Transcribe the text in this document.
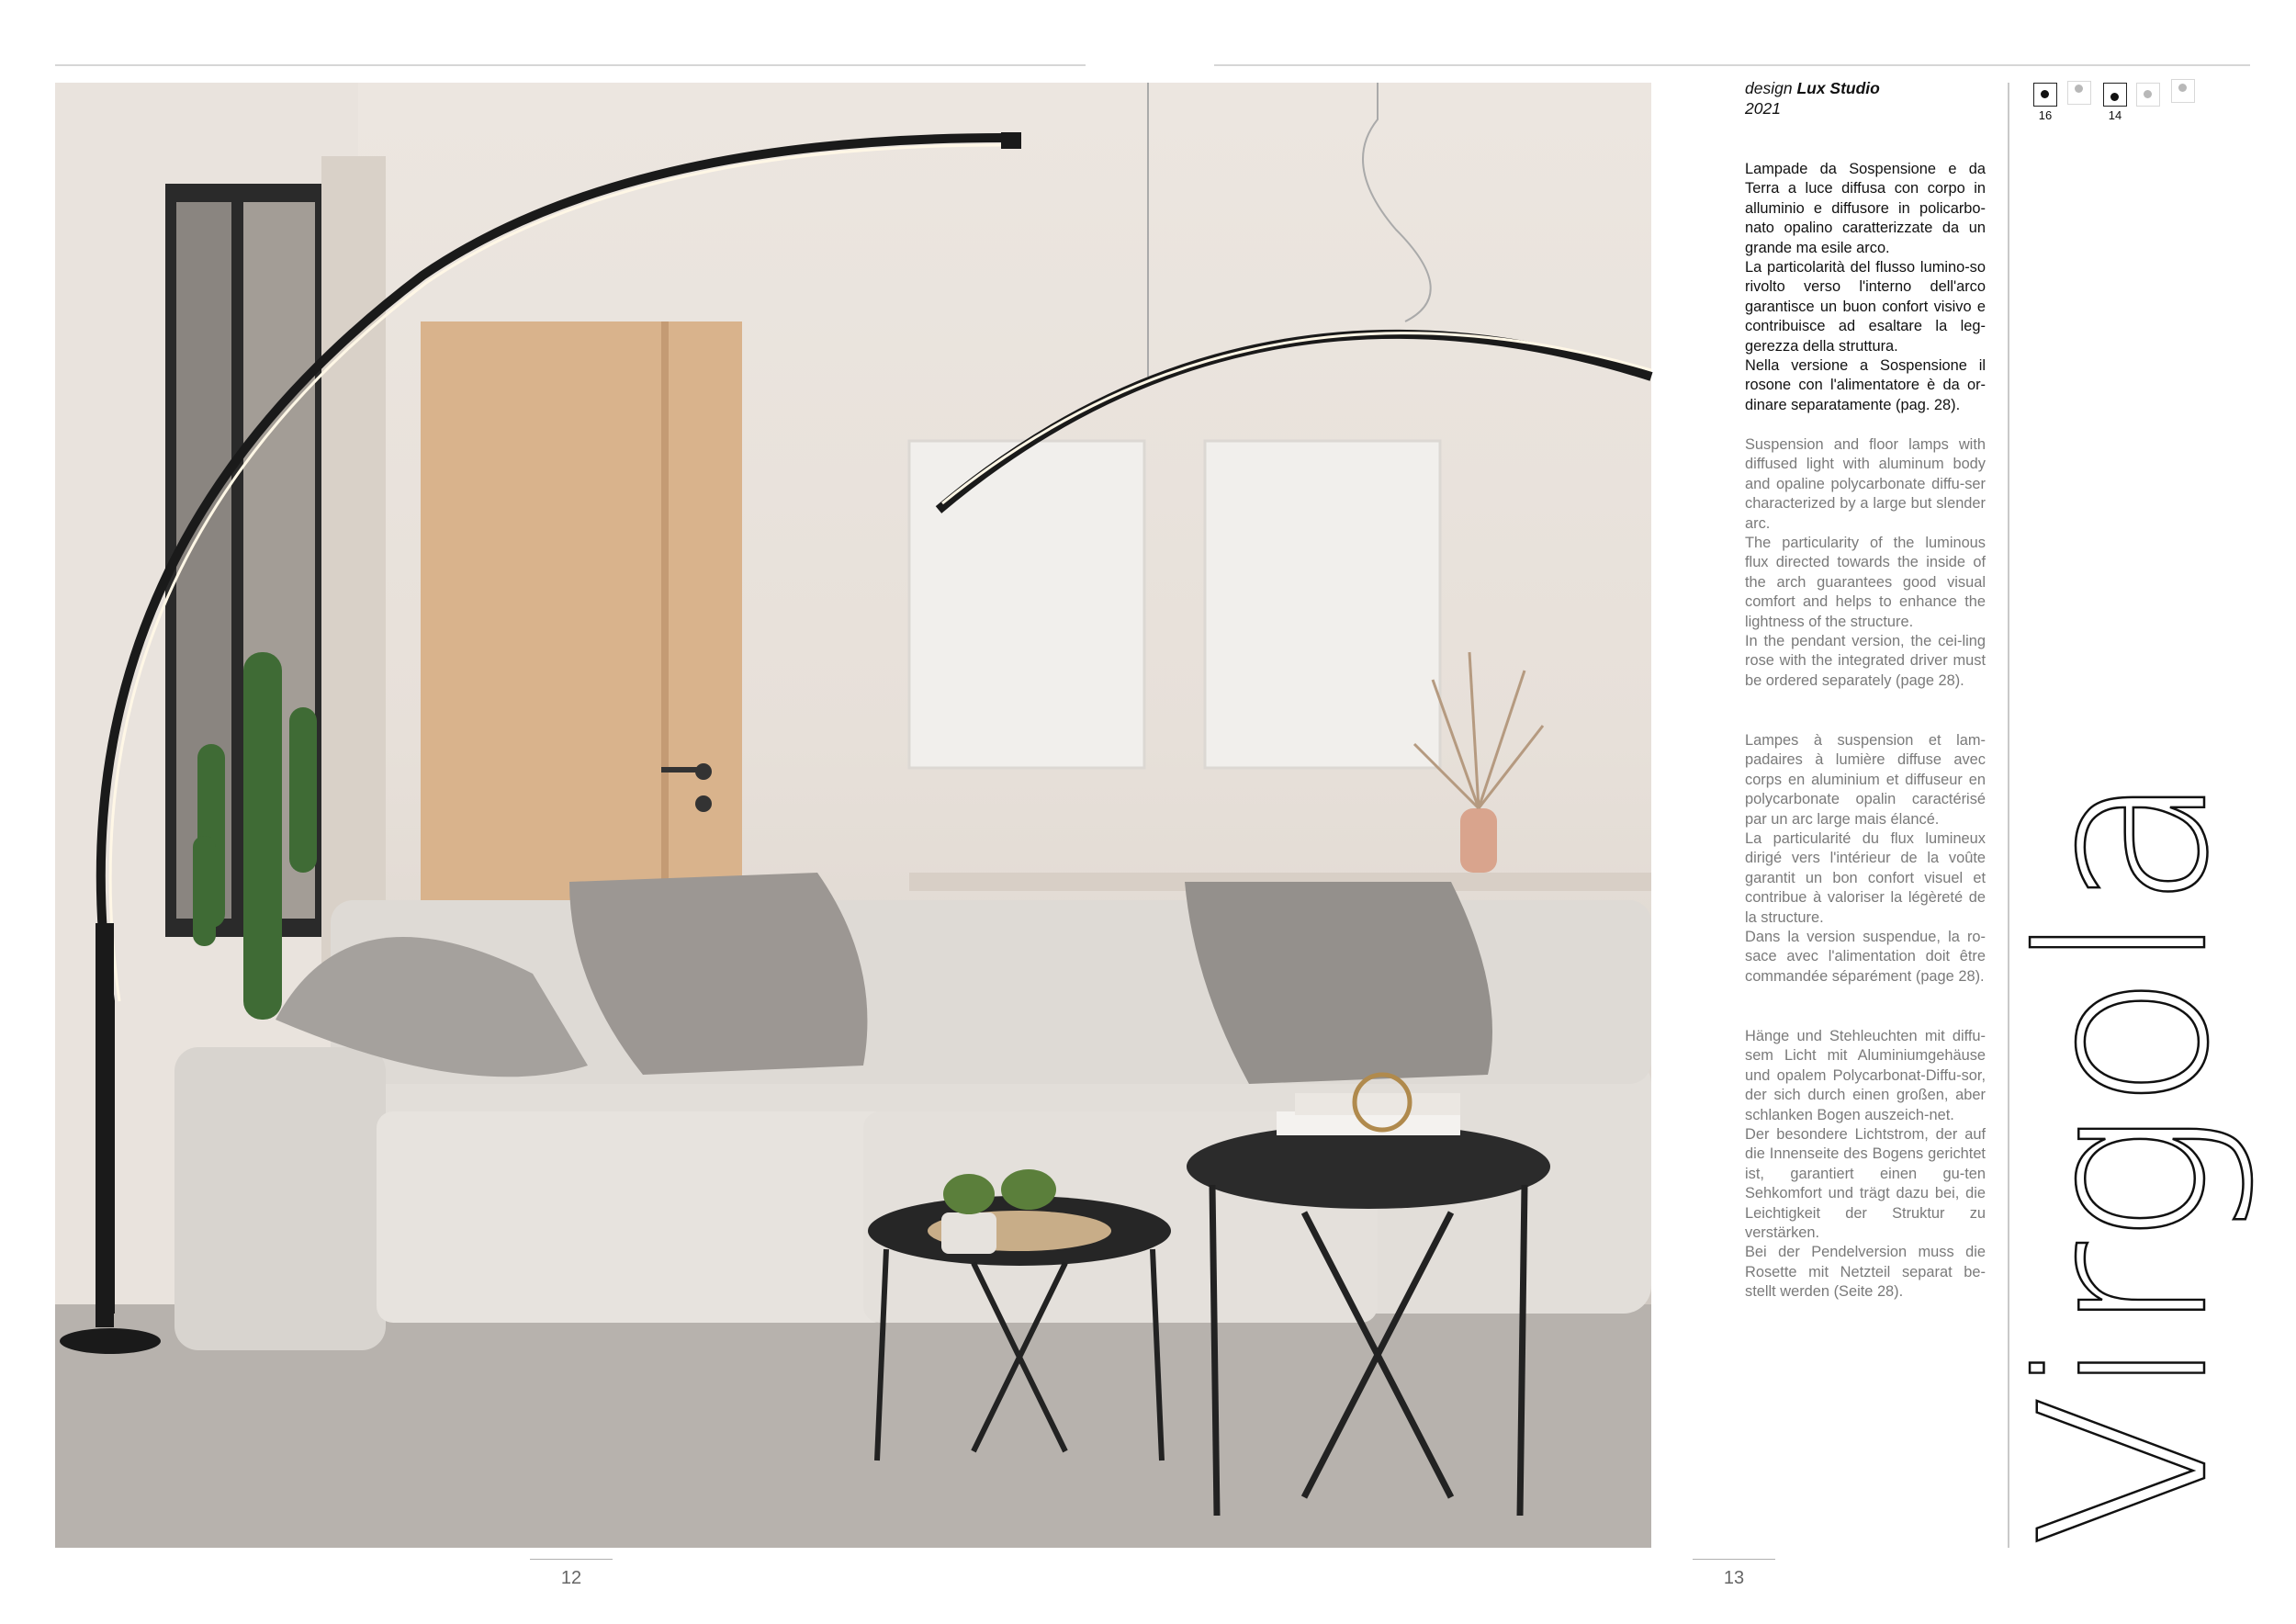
design Lux Studio
2021

Lampade da Sospensione e da Terra a luce diffusa con corpo in alluminio e diffusore in policarbo-nato opalino caratterizzate da un grande ma esile arco.
La particolarità del flusso lumino-so rivolto verso l'interno dell'arco garantisce un buon confort visivo e contribuisce ad esaltare la leg-gerezza della struttura.
Nella versione a Sospensione il rosone con l'alimentatore è da or-dinare separatamente (pag. 28).

Suspension and floor lamps with diffused light with aluminum body and opaline polycarbonate diffu-ser characterized by a large but slender arc.
The particularity of the luminous flux directed towards the inside of the arch guarantees good visual comfort and helps to enhance the lightness of the structure.
In the pendant version, the cei-ling rose with the integrated driver must be ordered separately (page 28).

Lampes à suspension et lam-padaires à lumière diffuse avec corps en aluminium et diffuseur en polycarbonate opalin caractérisé par un arc large mais élancé.
La particularité du flux lumineux dirigé vers l'intérieur de la voûte garantit un bon confort visuel et contribue à valoriser la légèreté de la structure.
Dans la version suspendue, la ro-sace avec l'alimentation doit être commandée séparément (page 28).

Hänge und Stehleuchten mit diffu-sem Licht mit Aluminiumgehäuse und opalem Polycarbonat-Diffu-sor, der sich durch einen großen, aber schlanken Bogen auszeich-net.
Der besondere Lichtstrom, der auf die Innenseite des Bogens gerichtet ist, garantiert einen gu-ten Sehkomfort und trägt dazu bei, die Leichtigkeit der Struktur zu verstärken.
Bei der Pendelversion muss die Rosette mit Netzteil separat be-stellt werden (Seite 28).

16	14
Virgola
12	13
